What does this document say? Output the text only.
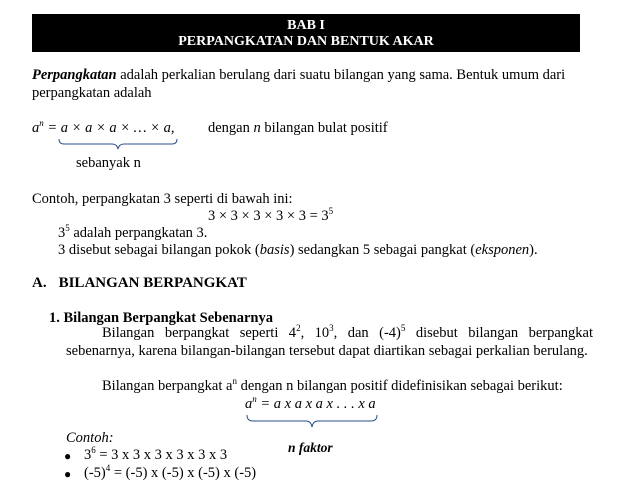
BAB I
PERPANGKATAN DAN BENTUK AKAR
Perpangkatan adalah perkalian berulang dari suatu bilangan yang sama. Bentuk umum dari
perpangkatan adalah
$a^n = a \times a \times a$ × … × a, dengan n bilangan bulat positif
sebanyak n
Contoh, perpangkatan 3 seperti di bawah ini:
$3 \times 3 \times 3 \times 3 \times 3 = 3^5$
$3^5$ adalah perpangkatan 3.
3 disebut sebagai bilangan pokok (basis) sedangkan 5 sebagai pangkat (eksponen).
A. BILANGAN BERPANGKAT
1. Bilangan Berpangkat Sebenarnya
Bilangan berpangkat seperti $4^2$, $10^3$, dan $(-4)^5$ disebut bilangan berpangkat sebenarnya, karena bilangan-bilangan tersebut dapat diartikan sebagai perkalian berulang.
Bilangan berpangkat $a^n$ dengan n bilangan positif didefinisikan sebagai berikut:
$a^n = a$ x a x a x . . . x a
n faktor
Contoh:
● $3^6 = 3$ x 3 x 3 x 3 x 3 x 3
● $(-5)^4 = (-5)$ x (-5) x (-5) x (-5)
